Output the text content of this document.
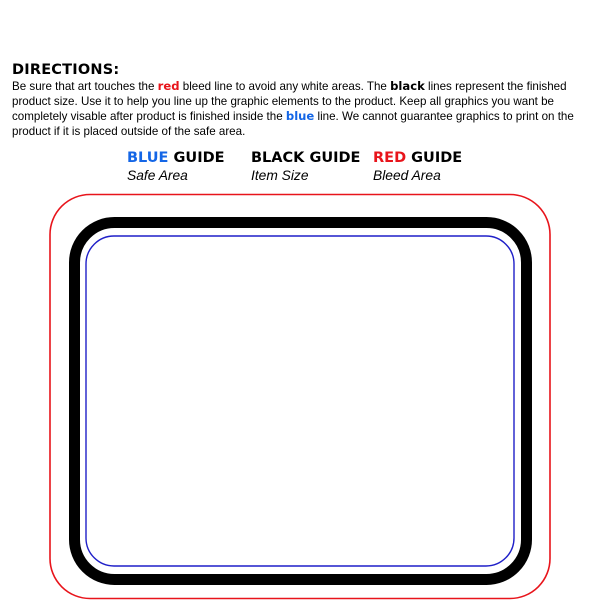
DIRECTIONS:
Be sure that art touches the red bleed line to avoid any white areas. The black lines represent the finished product size. Use it to help you line up the graphic elements to the product. Keep all graphics you want be completely visable after product is finished inside the blue line. We cannot guarantee graphics to print on the product if it is placed outside of the safe area.
BLUE GUIDE
Safe Area
BLACK GUIDE
Item Size
RED GUIDE
Bleed Area
